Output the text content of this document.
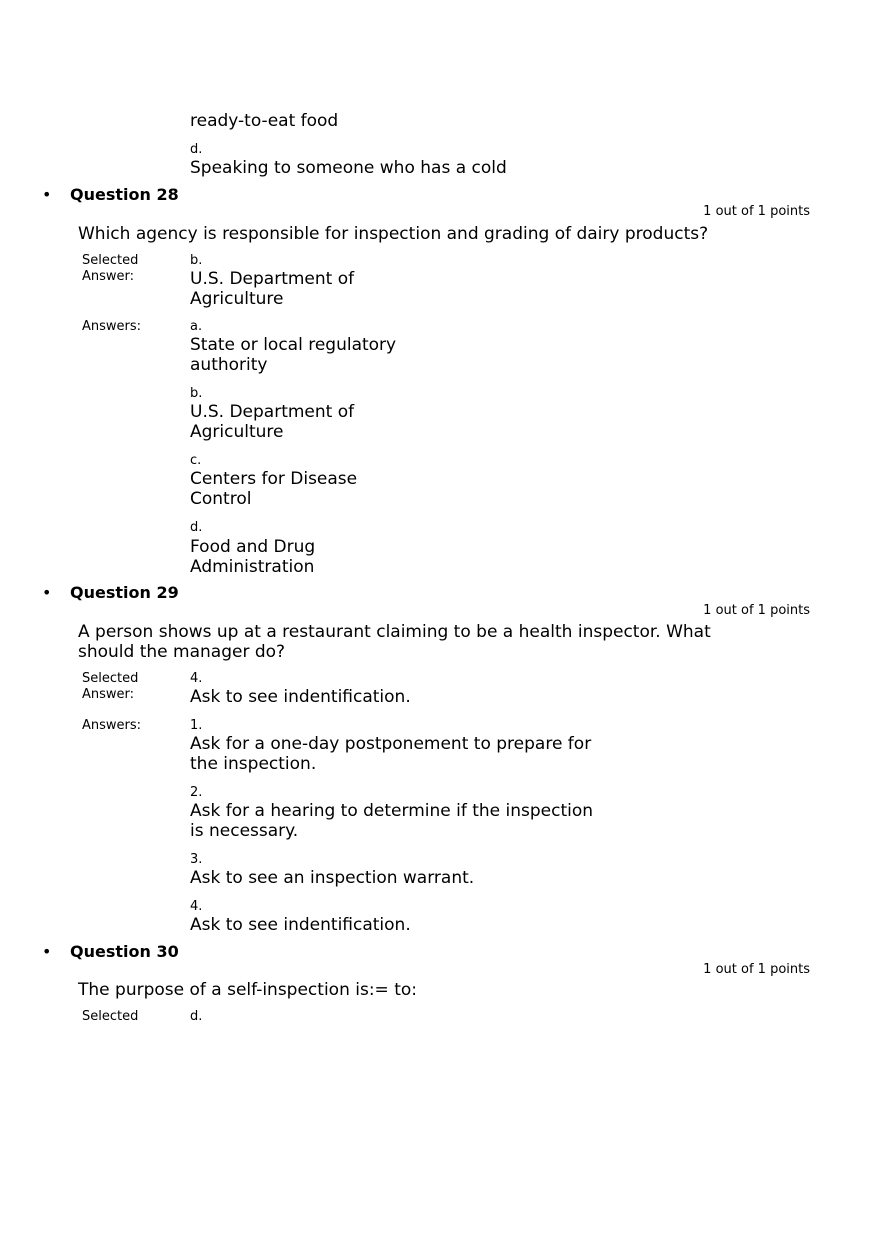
ready-to-eat food
d.
Speaking to someone who has a cold
• Question 28
1 out of 1 points
Which agency is responsible for inspection and grading of dairy products?
Selected
Answer:
b.
U.S. Department of
Agriculture
Answers:	a.
State or local regulatory
authority
b.
U.S. Department of
Agriculture
c.
Centers for Disease
Control
d.
Food and Drug
Administration
• Question 29
1 out of 1 points
A person shows up at a restaurant claiming to be a health inspector. What
should the manager do?
Selected
Answer:
4.
Ask to see indentification.
Answers:	1.
Ask for a one-day postponement to prepare for
the inspection.
2.
Ask for a hearing to determine if the inspection
is necessary.
3.
Ask to see an inspection warrant.
4.
Ask to see indentification.
• Question 30
1 out of 1 points
The purpose of a self-inspection is:= to:
Selected	d.
